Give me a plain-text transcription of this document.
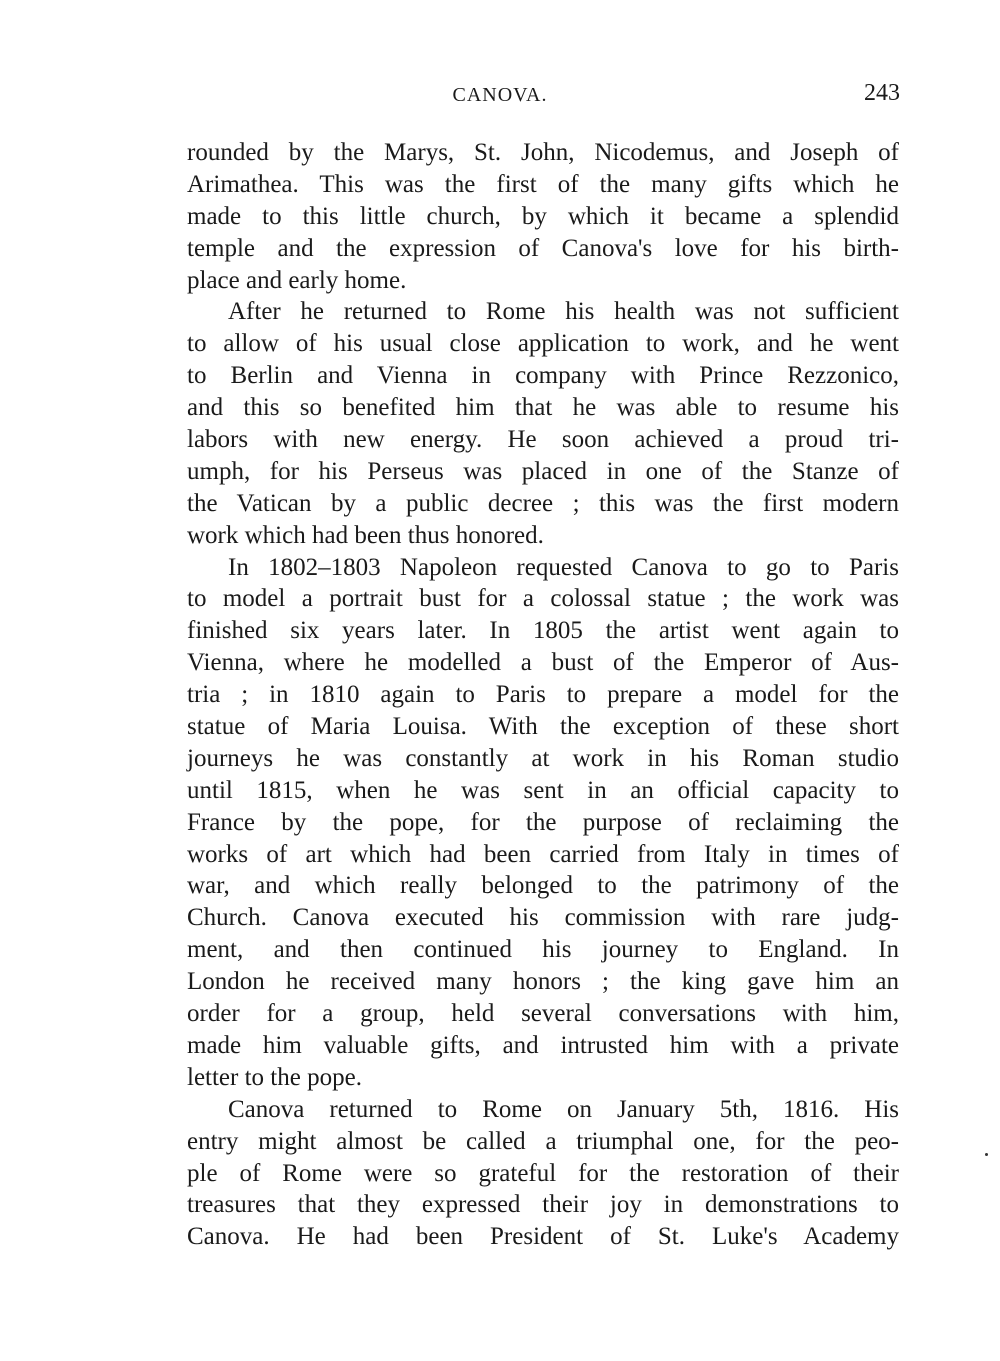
CANOVA.	243
rounded by the Marys, St. John, Nicodemus, and Joseph of
Arimathea. This was the first of the many gifts which he
made to this little church, by which it became a splendid
temple and the expression of Canova's love for his birth-
place and early home.
After he returned to Rome his health was not sufficient
to allow of his usual close application to work, and he went
to Berlin and Vienna in company with Prince Rezzonico,
and this so benefited him that he was able to resume his
labors with new energy. He soon achieved a proud tri-
umph, for his Perseus was placed in one of the Stanze of
the Vatican by a public decree ; this was the first modern
work which had been thus honored.
In 1802–1803 Napoleon requested Canova to go to Paris
to model a portrait bust for a colossal statue ; the work was
finished six years later. In 1805 the artist went again to
Vienna, where he modelled a bust of the Emperor of Aus-
tria ; in 1810 again to Paris to prepare a model for the
statue of Maria Louisa. With the exception of these short
journeys he was constantly at work in his Roman studio
until 1815, when he was sent in an official capacity to
France by the pope, for the purpose of reclaiming the
works of art which had been carried from Italy in times of
war, and which really belonged to the patrimony of the
Church. Canova executed his commission with rare judg-
ment, and then continued his journey to England. In
London he received many honors ; the king gave him an
order for a group, held several conversations with him,
made him valuable gifts, and intrusted him with a private
letter to the pope.
Canova returned to Rome on January 5th, 1816. His
entry might almost be called a triumphal one, for the peo-
ple of Rome were so grateful for the restoration of their
treasures that they expressed their joy in demonstrations to
Canova. He had been President of St. Luke's Academy
